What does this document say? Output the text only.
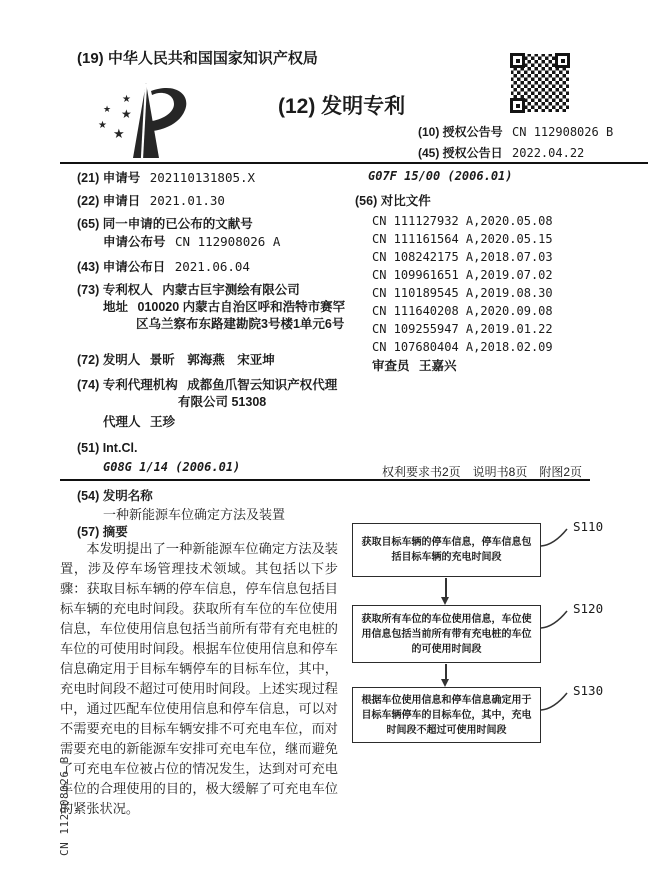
(19) 中华人民共和国国家知识产权局
★
★ ★
★
★
(12) 发明专利
(10) 授权公告号 CN 112908026 B
(45) 授权公告日 2022.04.22
(21) 申请号 202110131805.X
(22) 申请日 2021.01.30
(65) 同一申请的已公布的文献号
申请公布号 CN 112908026 A
(43) 申请公布日 2021.06.04
(73) 专利权人 内蒙古巨宇测绘有限公司
地址 010020 内蒙古自治区呼和浩特市赛罕区乌兰察布东路建勘院3号楼1单元6号
(72) 发明人 景昕　郭海燕　宋亚坤
(74) 专利代理机构 成都鱼爪智云知识产权代理有限公司 51308
代理人 王珍
(51) Int.Cl.
G08G 1/14 (2006.01)
G07F 15/00 (2006.01)
(56) 对比文件
CN 111127932 A,2020.05.08
CN 111161564 A,2020.05.15
CN 108242175 A,2018.07.03
CN 109961651 A,2019.07.02
CN 110189545 A,2019.08.30
CN 111640208 A,2020.09.08
CN 109255947 A,2019.01.22
CN 107680404 A,2018.02.09
审查员 王嘉兴
权利要求书2页　说明书8页　附图2页
(54) 发明名称
一种新能源车位确定方法及装置
(57) 摘要
本发明提出了一种新能源车位确定方法及装置，涉及停车场管理技术领域。其包括以下步骤：获取目标车辆的停车信息，停车信息包括目标车辆的充电时间段。获取所有车位的车位使用信息，车位使用信息包括当前所有带有充电桩的车位的可使用时间段。根据车位使用信息和停车信息确定用于目标车辆停车的目标车位，其中，充电时间段不超过可使用时间段。上述实现过程中，通过匹配车位使用信息和停车信息，可以对不需要充电的目标车辆安排不可充电车位，而对需要充电的新能源车安排可充电车位，继而避免了可充电车位被占位的情况发生，达到对可充电车位的合理使用的目的，极大缓解了可充电车位的紧张状况。
获取目标车辆的停车信息，停车信息包括目标车辆的充电时间段
S110
获取所有车位的车位使用信息，车位使用信息包括当前所有带有充电桩的车位的可使用时间段
S120
根据车位使用信息和停车信息确定用于目标车辆停车的目标车位，其中，充电时间段不超过可使用时间段
S130
CN 112908026 B
